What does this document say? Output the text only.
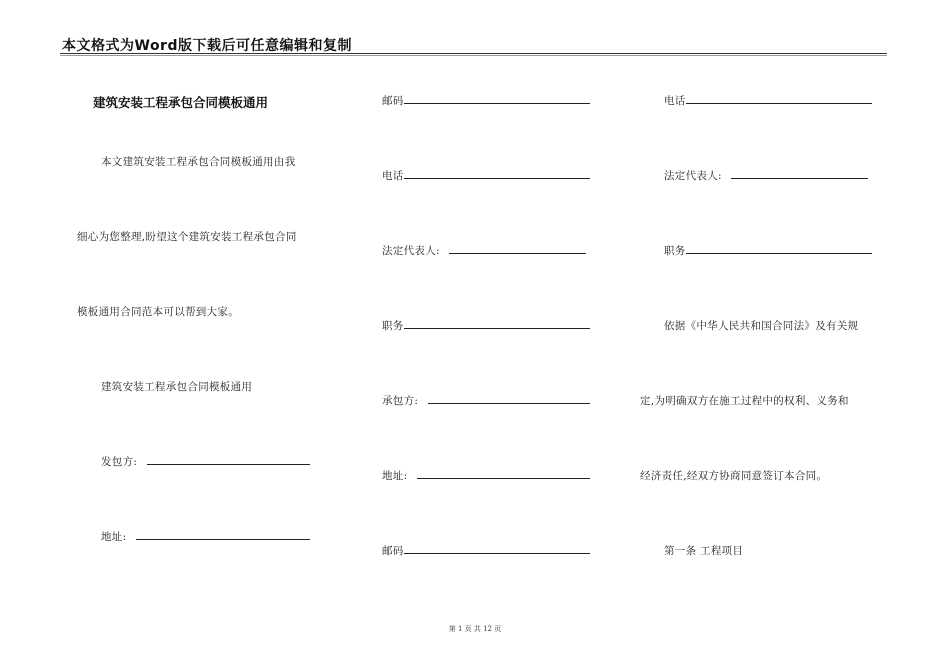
本文格式为Word版下载后可任意编辑和复制
建筑安装工程承包合同模板通用
本文建筑安装工程承包合同模板通用由我
细心为您整理,盼望这个建筑安装工程承包合同
模板通用合同范本可以帮到大家。
建筑安装工程承包合同模板通用
发包方:
地址:
邮码
电话
法定代表人:
职务
承包方:
地址:
邮码
电话
法定代表人:
职务
依据《中华人民共和国合同法》及有关规
定,为明确双方在施工过程中的权利、义务和
经济责任,经双方协商同意签订本合同。
第一条 工程项目
第 1 页 共 12 页
